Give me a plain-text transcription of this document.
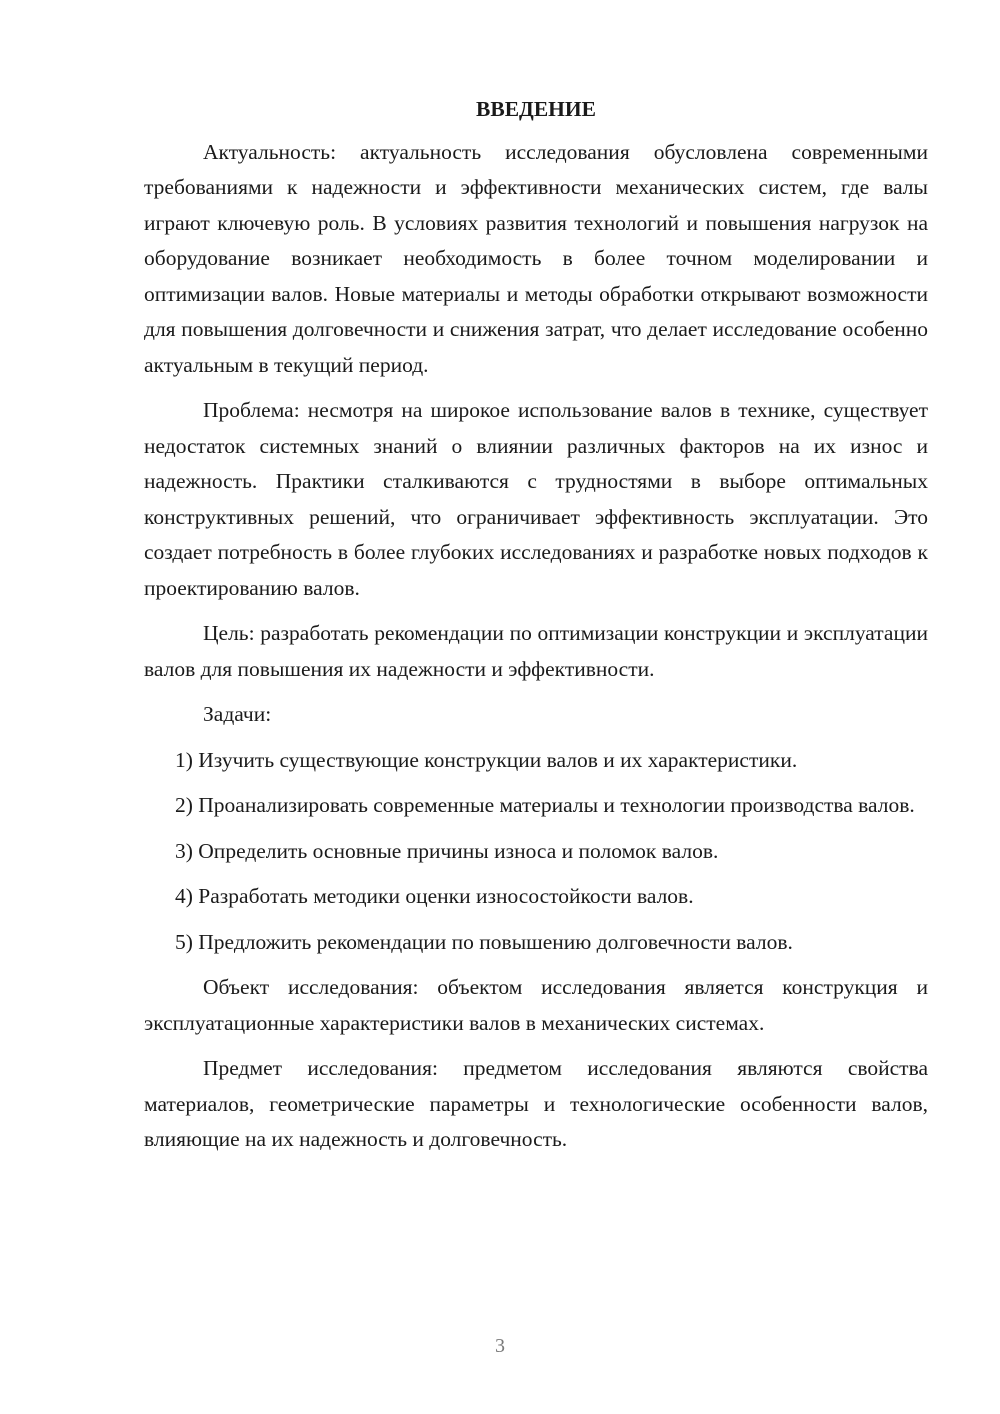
ВВЕДЕНИЕ

Актуальность: актуальность исследования обусловлена современными требованиями к надежности и эффективности механических систем, где валы играют ключевую роль. В условиях развития технологий и повышения нагрузок на оборудование возникает необходимость в более точном моделировании и оптимизации валов. Новые материалы и методы обработки открывают возможности для повышения долговечности и снижения затрат, что делает исследование особенно актуальным в текущий период.

Проблема: несмотря на широкое использование валов в технике, существует недостаток системных знаний о влиянии различных факторов на их износ и надежность. Практики сталкиваются с трудностями в выборе оптимальных конструктивных решений, что ограничивает эффективность эксплуатации. Это создает потребность в более глубоких исследованиях и разработке новых подходов к проектированию валов.

Цель: разработать рекомендации по оптимизации конструкции и эксплуатации валов для повышения их надежности и эффективности.

Задачи:

1) Изучить существующие конструкции валов и их характеристики.

2) Проанализировать современные материалы и технологии производства валов.

3) Определить основные причины износа и поломок валов.

4) Разработать методики оценки износостойкости валов.

5) Предложить рекомендации по повышению долговечности валов.

Объект исследования: объектом исследования является конструкция и эксплуатационные характеристики валов в механических системах.

Предмет исследования: предметом исследования являются свойства материалов, геометрические параметры и технологические особенности валов, влияющие на их надежность и долговечность.

3
